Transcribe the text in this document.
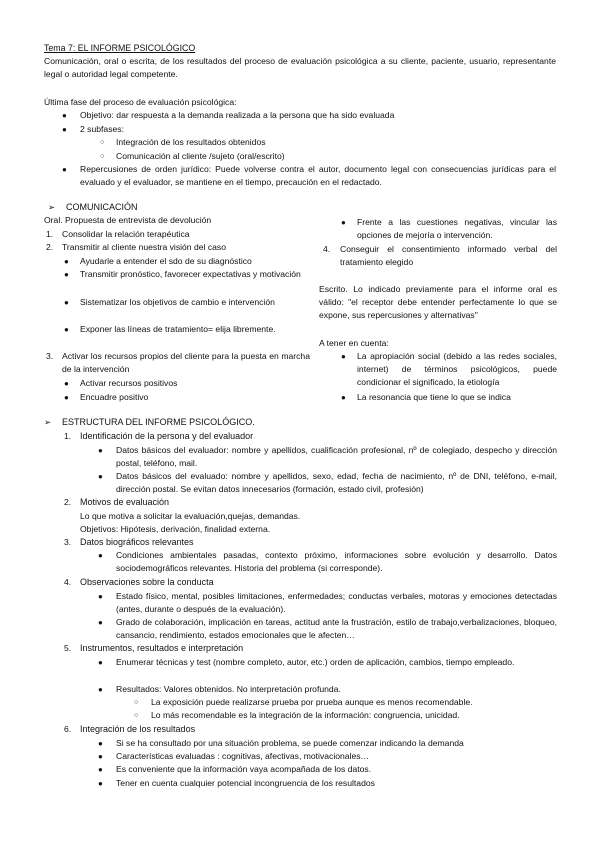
Tema 7: EL INFORME PSICOLÓGICO
Comunicación, oral o escrita, de los resultados del proceso de evaluación psicológica a su cliente, paciente, usuario, representante legal o autoridad legal competente.
Última fase del proceso de evaluación psicológica:
● Objetivo: dar respuesta a la demanda realizada a la persona que ha sido evaluada
● 2 subfases:
○ Integración de los resultados obtenidos
○ Comunicación al cliente /sujeto (oral/escrito)
● Repercusiones de orden jurídico: Puede volverse contra el autor, documento legal con consecuencias jurídicas para el evaluado y el evaluador, se mantiene en el tiempo, precaución en el redactado.
➢ COMUNICACIÓN
Oral. Propuesta de entrevista de devolución
1. Consolidar la relación terapéutica
2. Transmitir al cliente nuestra visión del caso
● Ayudarle a entender el sdo de su diagnóstico
● Transmitir pronóstico, favorecer expectativas y motivación
● Sistematizar los objetivos de cambio e intervención
● Exponer las líneas de tratamiento= elija libremente.
3. Activar los recursos propios del cliente para la puesta en marcha de la intervención
● Activar recursos positivos
● Encuadre positivo
● Frente a las cuestiones negativas, vincular las opciones de mejoría o intervención.
4. Conseguir el consentimiento informado verbal del tratamiento elegido
Escrito. Lo indicado previamente para el informe oral es válido: "el receptor debe entender perfectamente lo que se expone, sus repercusiones y alternativas"
A tener en cuenta:
● La apropiación social (debido a las redes sociales, internet) de términos psicológicos, puede condicionar el significado, la etiología
● La resonancia que tiene lo que se indica
➢ ESTRUCTURA DEL INFORME PSICOLÓGICO.
1. Identificación de la persona y del evaluador
● Datos básicos del evaluador: nombre y apellidos, cualificación profesional, nº de colegiado, despecho y dirección postal, teléfono, mail.
● Datos básicos del evaluado: nombre y apellidos, sexo, edad, fecha de nacimiento, nº de DNI, teléfono, e-mail, dirección postal. Se evitan datos innecesarios (formación, estado civil, profesión)
2. Motivos de evaluación
Lo que motiva a solicitar la evaluación,quejas, demandas.
Objetivos: Hipótesis, derivación, finalidad externa.
3. Datos biográficos relevantes
● Condiciones ambientales pasadas, contexto próximo, informaciones sobre evolución y desarrollo. Datos sociodemográficos relevantes. Historia del problema (si corresponde).
4. Observaciones sobre la conducta
● Estado físico, mental, posibles limitaciones, enfermedades; conductas verbales, motoras y emociones detectadas (antes, durante o después de la evaluación).
● Grado de colaboración, implicación en tareas, actitud ante la frustración, estilo de trabajo,verbalizaciones, bloqueo, cansancio, rendimiento, estados emocionales que le afecten…
5. Instrumentos, resultados e interpretación
● Enumerar técnicas y test (nombre completo, autor, etc.) orden de aplicación, cambios, tiempo empleado.
● Resultados: Valores obtenidos. No interpretación profunda.
○ La exposición puede realizarse prueba por prueba aunque es menos recomendable.
○ Lo más recomendable es la integración de la información: congruencia, unicidad.
6. Integración de los resultados
● Si se ha consultado por una situación problema, se puede comenzar indicando la demanda
● Características evaluadas : cognitivas, afectivas, motivacionales…
● Es conveniente que la información vaya acompañada de los datos.
● Tener en cuenta cualquier potencial incongruencia de los resultados
